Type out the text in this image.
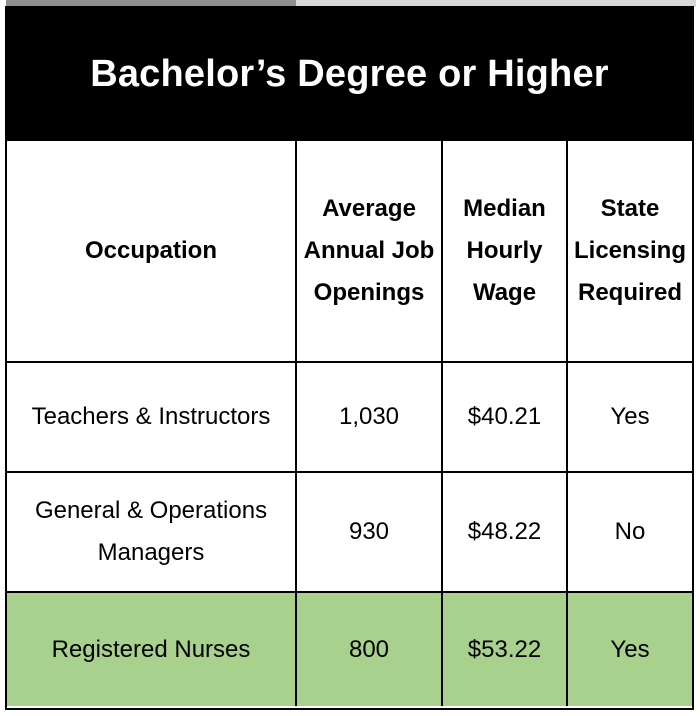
Bachelor’s Degree or Higher
Occupation	Average Annual Job Openings	Median Hourly Wage	State Licensing Required
Teachers & Instructors	1,030	$40.21	Yes
General & Operations Managers	930	$48.22	No
Registered Nurses	800	$53.22	Yes
